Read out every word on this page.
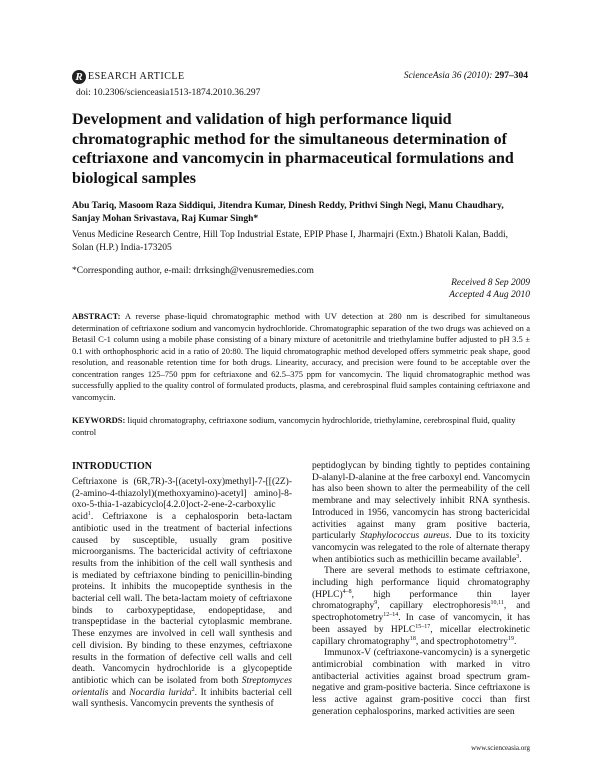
R ESEARCH ARTICLE	ScienceAsia 36 (2010): 297–304
doi: 10.2306/scienceasia1513-1874.2010.36.297
Development and validation of high performance liquid chromatographic method for the simultaneous determination of ceftriaxone and vancomycin in pharmaceutical formulations and biological samples

Abu Tariq, Masoom Raza Siddiqui, Jitendra Kumar, Dinesh Reddy, Prithvi Singh Negi, Manu Chaudhary, Sanjay Mohan Srivastava, Raj Kumar Singh*

Venus Medicine Research Centre, Hill Top Industrial Estate, EPIP Phase I, Jharmajri (Extn.) Bhatoli Kalan, Baddi, Solan (H.P.) India-173205

*Corresponding author, e-mail: drrksingh@venusremedies.com
Received 8 Sep 2009
Accepted 4 Aug 2010

ABSTRACT: A reverse phase-liquid chromatographic method with UV detection at 280 nm is described for simultaneous determination of ceftriaxone sodium and vancomycin hydrochloride. Chromatographic separation of the two drugs was achieved on a Betasil C-1 column using a mobile phase consisting of a binary mixture of acetonitrile and triethylamine buffer adjusted to pH 3.5 ± 0.1 with orthophosphoric acid in a ratio of 20:80. The liquid chromatographic method developed offers symmetric peak shape, good resolution, and reasonable retention time for both drugs. Linearity, accuracy, and precision were found to be acceptable over the concentration ranges 125–750 ppm for ceftriaxone and 62.5–375 ppm for vancomycin. The liquid chromatographic method was successfully applied to the quality control of formulated products, plasma, and cerebrospinal fluid samples containing ceftriaxone and vancomycin.

KEYWORDS: liquid chromatography, ceftriaxone sodium, vancomycin hydrochloride, triethylamine, cerebrospinal fluid, quality control

INTRODUCTION

Ceftriaxone is (6R,7R)-3-[(acetyl-oxy)methyl]-7-[[(2Z)-(2-amino-4-thiazolyl)(methoxyamino)-acetyl] amino]-8-oxo-5-thia-1-azabicyclo[4.2.0]oct-2-ene-2-carboxylic acid$^1$. Ceftriaxone is a cephalosporin beta-lactam antibiotic used in the treatment of bacterial infections caused by susceptible, usually gram positive microorganisms. The bactericidal activity of ceftriaxone results from the inhibition of the cell wall synthesis and is mediated by ceftriaxone binding to penicillin-binding proteins. It inhibits the mucopeptide synthesis in the bacterial cell wall. The beta-lactam moiety of ceftriaxone binds to carboxypeptidase, endopeptidase, and transpeptidase in the bacterial cytoplasmic membrane. These enzymes are involved in cell wall synthesis and cell division. By binding to these enzymes, ceftriaxone results in the formation of defective cell walls and cell death. Vancomycin hydrochloride is a glycopeptide antibiotic which can be isolated from both Streptomyces orientalis and Nocardia lurida$^2$. It inhibits bacterial cell wall synthesis. Vancomycin prevents the synthesis of

peptidoglycan by binding tightly to peptides containing D-alanyl-D-alanine at the free carboxyl end. Vancomycin has also been shown to alter the permeability of the cell membrane and may selectively inhibit RNA synthesis. Introduced in 1956, vancomycin has strong bactericidal activities against many gram positive bacteria, particularly Staphylococcus aureus. Due to its toxicity vancomycin was relegated to the role of alternate therapy when antibiotics such as methicillin became available$^3$.

There are several methods to estimate ceftriaxone, including high performance liquid chromatography (HPLC)$^{4-8}$, high performance thin layer chromatography$^9$, capillary electrophoresis$^{10,11}$, and spectrophotometry$^{12-14}$. In case of vancomycin, it has been assayed by HPLC$^{15-17}$, micellar electrokinetic capillary chromatography$^{18}$, and spectrophotometry$^{19}$.

Immunox-V (ceftriaxone-vancomycin) is a synergetic antimicrobial combination with marked in vitro antibacterial activities against broad spectrum gram-negative and gram-positive bacteria. Since ceftriaxone is less active against gram-positive cocci than first generation cephalosporins, marked activities are seen

www.scienceasia.org
